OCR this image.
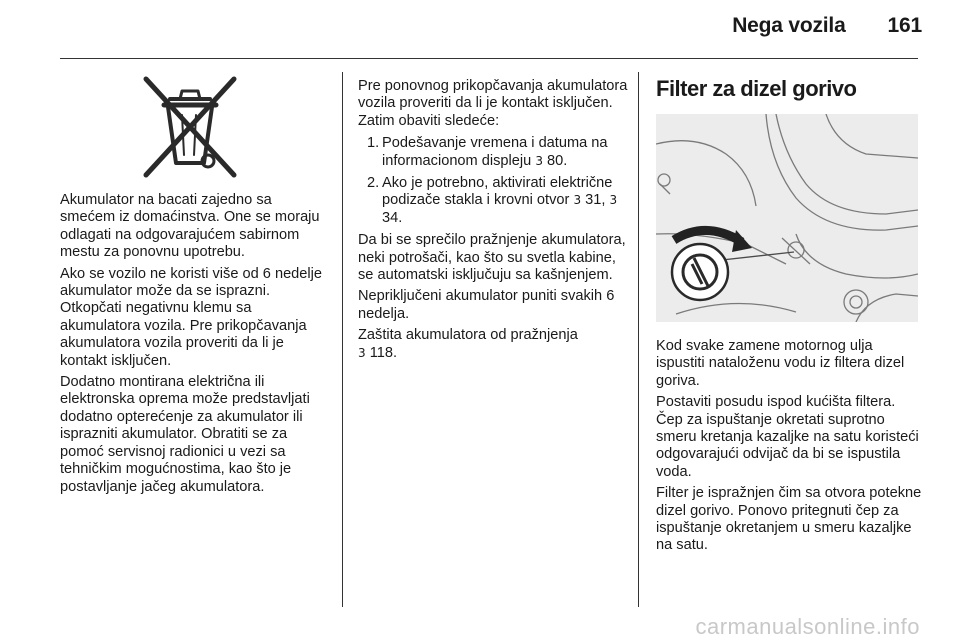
Nega vozila 161

Akumulator na bacati zajedno sa smećem iz domaćinstva. One se moraju odlagati na odgovarajućem sabirnom mestu za ponovnu upotrebu.

Ako se vozilo ne koristi više od 6 nedelje akumulator može da se isprazni. Otkopčati negativnu klemu sa akumulatora vozila. Pre prikopčavanja akumulatora vozila proveriti da li je kontakt isključen.

Dodatno montirana električna ili elektronska oprema može predstavljati dodatno opterećenje za akumulator ili isprazniti akumulator. Obratiti se za pomoć servisnoj radionici u vezi sa tehničkim mogućnostima, kao što je postavljanje jačeg akumulatora.

Pre ponovnog prikopčavanja akumulatora vozila proveriti da li je kontakt isključen. Zatim obaviti sledeće:

1. Podešavanje vremena i datuma na informacionom displeju 3 80.
2. Ako je potrebno, aktivirati električne podizače stakla i krovni otvor 3 31, 3 34.

Da bi se sprečilo pražnjenje akumulatora, neki potrošači, kao što su svetla kabine, se automatski isključuju sa kašnjenjem.

Nepriključeni akumulator puniti svakih 6 nedelja.

Zaštita akumulatora od pražnjenja
3 118.

Filter za dizel gorivo

Kod svake zamene motornog ulja ispustiti nataloženu vodu iz filtera dizel goriva.

Postaviti posudu ispod kućišta filtera. Čep za ispuštanje okretati suprotno smeru kretanja kazaljke na satu koristeći odgovarajući odvijač da bi se ispustila voda.

Filter je ispražnjen čim sa otvora potekne dizel gorivo. Ponovo pritegnuti čep za ispuštanje okretanjem u smeru kazaljke na satu.

carmanualsonline.info
